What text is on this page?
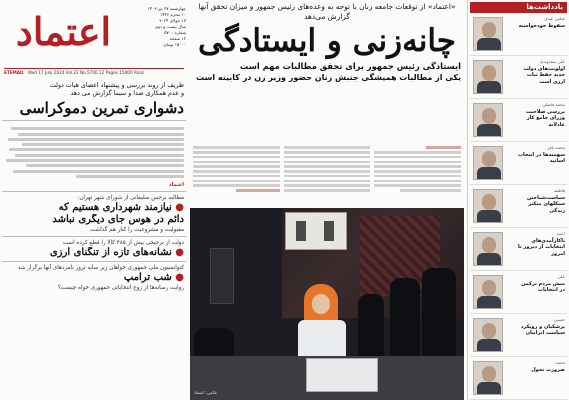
اعتماد
چهارشنبه ۲۷ تیر ۱۴۰۳
۱۰ محرم ۱۴۴۶
۱۷ جولای ۲۰۲۴
سال بیست و دوم
شماره ۵۷۰۰
۱۲ صفحه
۱۵۰۰۰ تومان
ETEMAD Wed 17 July 2024 Vol.22 No.5700 12 Pages 15000 Rials
ظریف از روند بررسی و پیشنهاد اعضای هیات دولت
و عدم همکاری صدا و سیما گزارش می دهد
دشواری تمرین دموکراسی
اعتماد
مطالبه نرجس سلیمانی از شورای شهر تهران:
● نیازمند شهرداری هستیم که
دائم در هوس جای دیگری نباشد
مقبولیت و مشروعیت را کنار هم گذاشت
دولت از ترجیحی بیش از ۴۸۵ کالا را قطع کرده است
● نشانه‌های تازه از تنگنای ارزی
کنوانسیون ملی جمهوری خواهان زیر سایه ترور نامزدهای آنها برگزار شد
● شب ترامپ
روایت رسانه‌ها از زوج انتخاباتی جمهوری خواه چیست؟
«اعتماد» از توقعات جامعه زنان با توجه به وعده‌های رئیس جمهور و میزان تحقق آنها گزارش می‌دهد
چانه‌زنی و ایستادگی
ایستادگی رئیس جمهور برای تحقق مطالبات مهم است
یکی از مطالبات همیشگی جنبش زنان حضور وزیر زن در کابینه است
عکس: اعتماد
یادداشت‌ها
عباس عبدی
سقوط خودخواسته
علی سعدوندی
اولویت‌های دولت جدید حفظ ثبات ارزی است
محمد فاضلی
بررسی صلاحیت وزرای جامع کار عادلانه
محمد باقر
سهمیه‌ها در انتخاب اساتید
فاطمه
سیاست‌شناختن سیکلهای متکثر زندگی
احمد
ناکارآمدی‌های انتخابات از دیروز تا امروز
علی
منش مردم ترکمن در انتخابات
حسین
پزشکیان و رویکرد سیاست ایرانیان
محمد
ضرورت تحول
